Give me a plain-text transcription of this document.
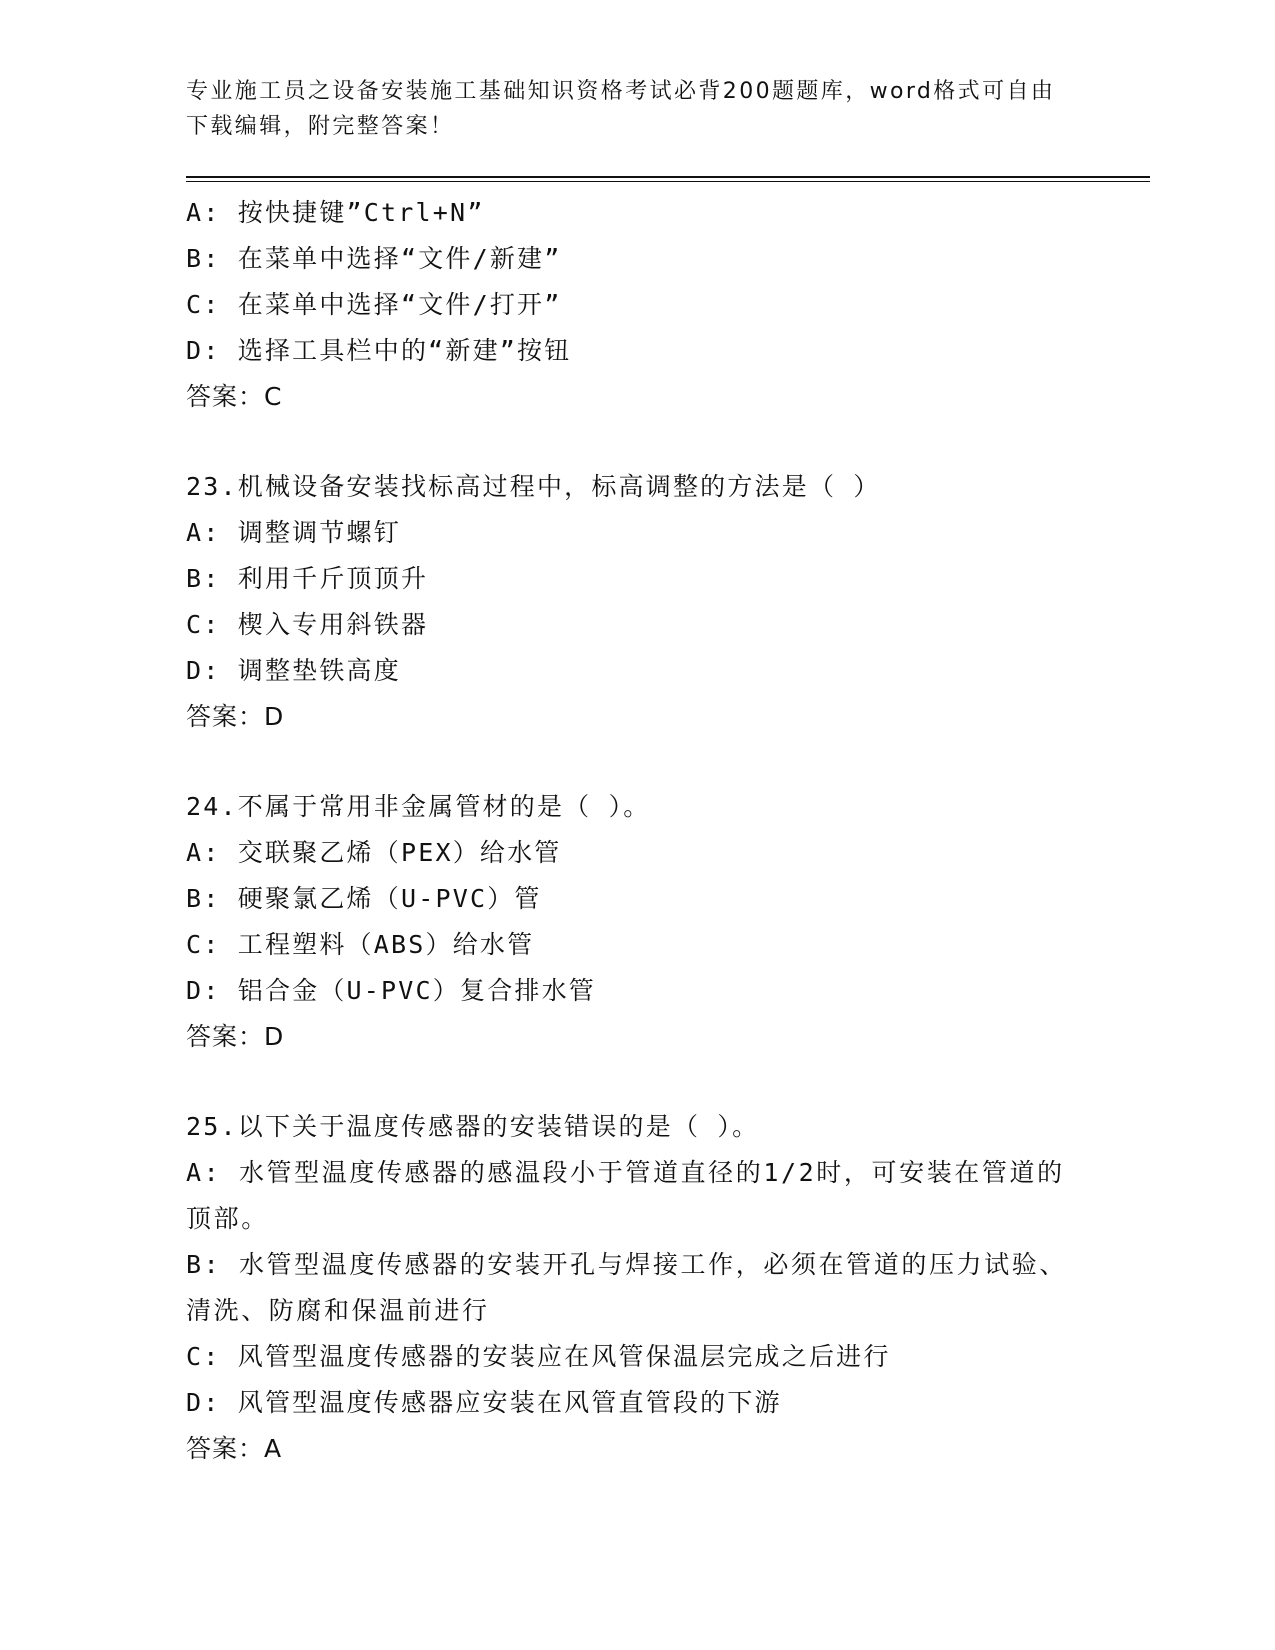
专业施工员之设备安装施工基础知识资格考试必背200题题库，word格式可自由下载编辑，附完整答案！
A: 按快捷键”Ctrl+N”
B: 在菜单中选择“文件/新建”
C: 在菜单中选择“文件/打开”
D: 选择工具栏中的“新建”按钮
答案：C
23.机械设备安装找标高过程中，标高调整的方法是（ ）
A: 调整调节螺钉
B: 利用千斤顶顶升
C: 楔入专用斜铁器
D: 调整垫铁高度
答案：D
24.不属于常用非金属管材的是（ ）。
A: 交联聚乙烯（PEX）给水管
B: 硬聚氯乙烯（U-PVC）管
C: 工程塑料（ABS）给水管
D: 铝合金（U-PVC）复合排水管
答案：D
25.以下关于温度传感器的安装错误的是（ ）。
A: 水管型温度传感器的感温段小于管道直径的1/2时，可安装在管道的顶部。
B: 水管型温度传感器的安装开孔与焊接工作，必须在管道的压力试验、清洗、防腐和保温前进行
C: 风管型温度传感器的安装应在风管保温层完成之后进行
D: 风管型温度传感器应安装在风管直管段的下游
答案：A
